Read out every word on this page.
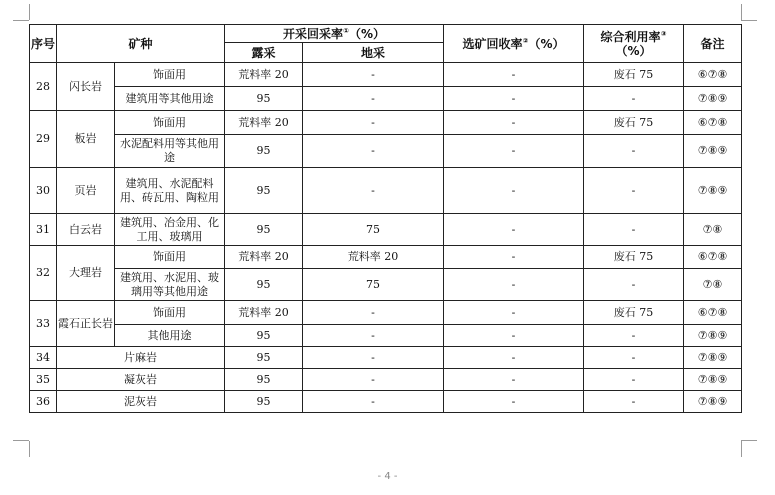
序号	矿种		开采回采率①（%）		选矿回收率②（%）	综合利用率③（%）	备注
			露采	地采			
28	闪长岩	饰面用	荒料率 20	-	-	废石 75	⑥⑦⑧
		建筑用等其他用途	95	-	-	-	⑦⑧⑨
29	板岩	饰面用	荒料率 20	-	-	废石 75	⑥⑦⑧
		水泥配料用等其他用途	95	-	-	-	⑦⑧⑨
30	页岩	建筑用、水泥配料用、砖瓦用、陶粒用	95	-	-	-	⑦⑧⑨
31	白云岩	建筑用、冶金用、化工用、玻璃用	95	75	-	-	⑦⑧
32	大理岩	饰面用	荒料率 20	荒料率 20	-	废石 75	⑥⑦⑧
		建筑用、水泥用、玻璃用等其他用途	95	75	-	-	⑦⑧
33	霞石正长岩	饰面用	荒料率 20	-	-	废石 75	⑥⑦⑧
		其他用途	95	-	-	-	⑦⑧⑨
34	片麻岩		95	-	-	-	⑦⑧⑨
35	凝灰岩		95	-	-	-	⑦⑧⑨
36	泥灰岩		95	-	-	-	⑦⑧⑨
- 4 -
